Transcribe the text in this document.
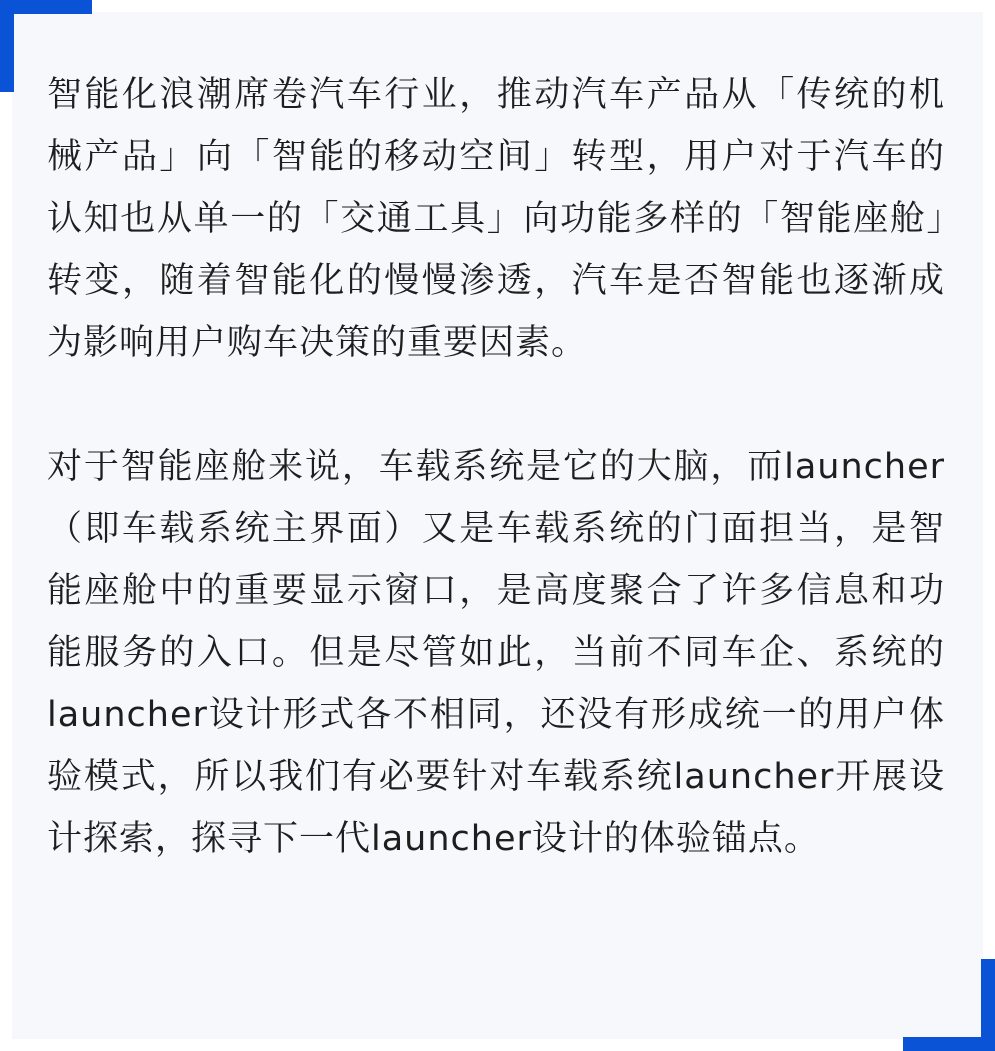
智能化浪潮席卷汽车行业，推动汽车产品从「传统的机械产品」向「智能的移动空间」转型，用户对于汽车的认知也从单一的「交通工具」向功能多样的「智能座舱」转变，随着智能化的慢慢渗透，汽车是否智能也逐渐成为影响用户购车决策的重要因素。

对于智能座舱来说，车载系统是它的大脑，而launcher（即车载系统主界面）又是车载系统的门面担当，是智能座舱中的重要显示窗口，是高度聚合了许多信息和功能服务的入口。但是尽管如此，当前不同车企、系统的launcher设计形式各不相同，还没有形成统一的用户体验模式，所以我们有必要针对车载系统launcher开展设计探索，探寻下一代launcher设计的体验锚点。
